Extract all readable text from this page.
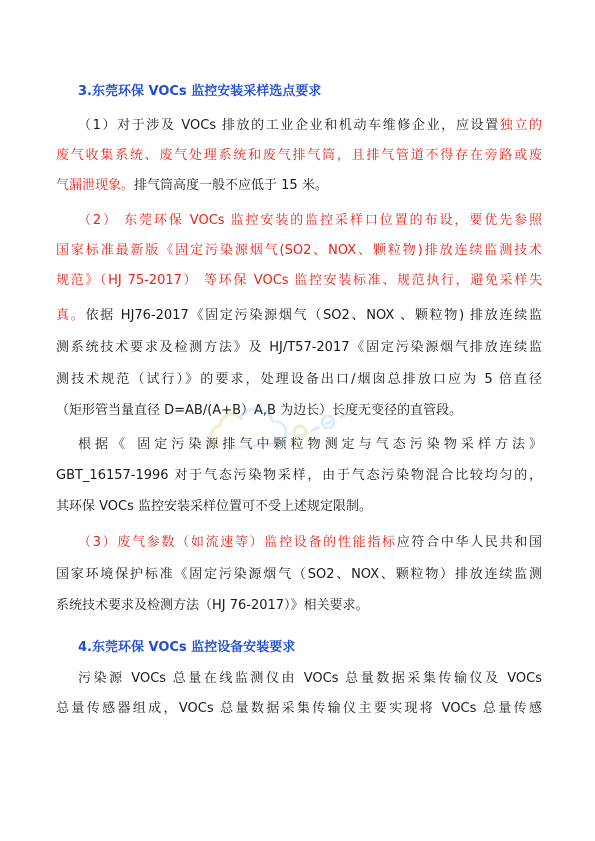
3.东莞环保 VOCs 监控安装采样选点要求
（1）对于涉及 VOCs 排放的工业企业和机动车维修企业，应设置独立的
废气收集系统、废气处理系统和废气排气筒，且排气管道不得存在旁路或废
气漏泄现象。排气筒高度一般不应低于 15 米。
（2） 东莞环保 VOCs 监控安装的监控采样口位置的布设，要优先参照
国家标准最新版《固定污染源烟气(SO2、NOX、颗粒物)排放连续监测技术
规范》（HJ 75-2017） 等环保 VOCs 监控安装标准、规范执行，避免采样失
真。依据 HJ76-2017《固定污染源烟气（SO2、NOX 、颗粒物) 排放连续监
测系统技术要求及检测方法》及 HJ/T57-2017《固定污染源烟气排放连续监
测技术规范（试行）》的要求，处理设备出口/烟囱总排放口应为 5 倍直径
（矩形管当量直径 D=AB/(A+B）A,B 为边长）长度无变径的直管段。
根据《 固定污染源排气中颗粒物测定与气态污染物采样方法》
GBT_16157-1996 对于气态污染物采样，由于气态污染物混合比较均匀的，
其环保 VOCs 监控安装采样位置可不受上述规定限制。
（3）废气参数（如流速等）监控设备的性能指标应符合中华人民共和国
国家环境保护标准《固定污染源烟气（SO2、NOX、颗粒物）排放连续监测
系统技术要求及检测方法（HJ 76-2017）》相关要求。
4.东莞环保 VOCs 监控设备安装要求
污染源 VOCs 总量在线监测仪由 VOCs 总量数据采集传输仪及 VOCs
总量传感器组成，VOCs 总量数据采集传输仪主要实现将 VOCs 总量传感
